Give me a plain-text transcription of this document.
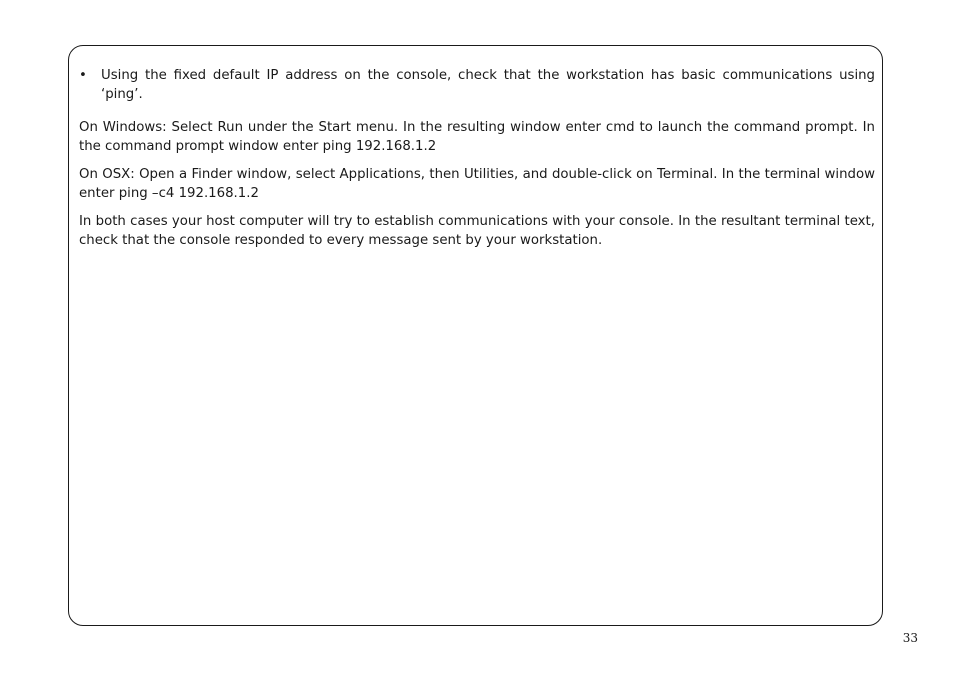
•	Using the fixed default IP address on the console, check that the workstation has basic communications using ‘ping’.

On Windows: Select Run under the Start menu. In the resulting window enter cmd to launch the command prompt. In the command prompt window enter ping 192.168.1.2

On OSX: Open a Finder window, select Applications, then Utilities, and double-click on Terminal. In the terminal window enter ping –c4 192.168.1.2

In both cases your host computer will try to establish communications with your console. In the resultant terminal text, check that the console responded to every message sent by your workstation.

33
